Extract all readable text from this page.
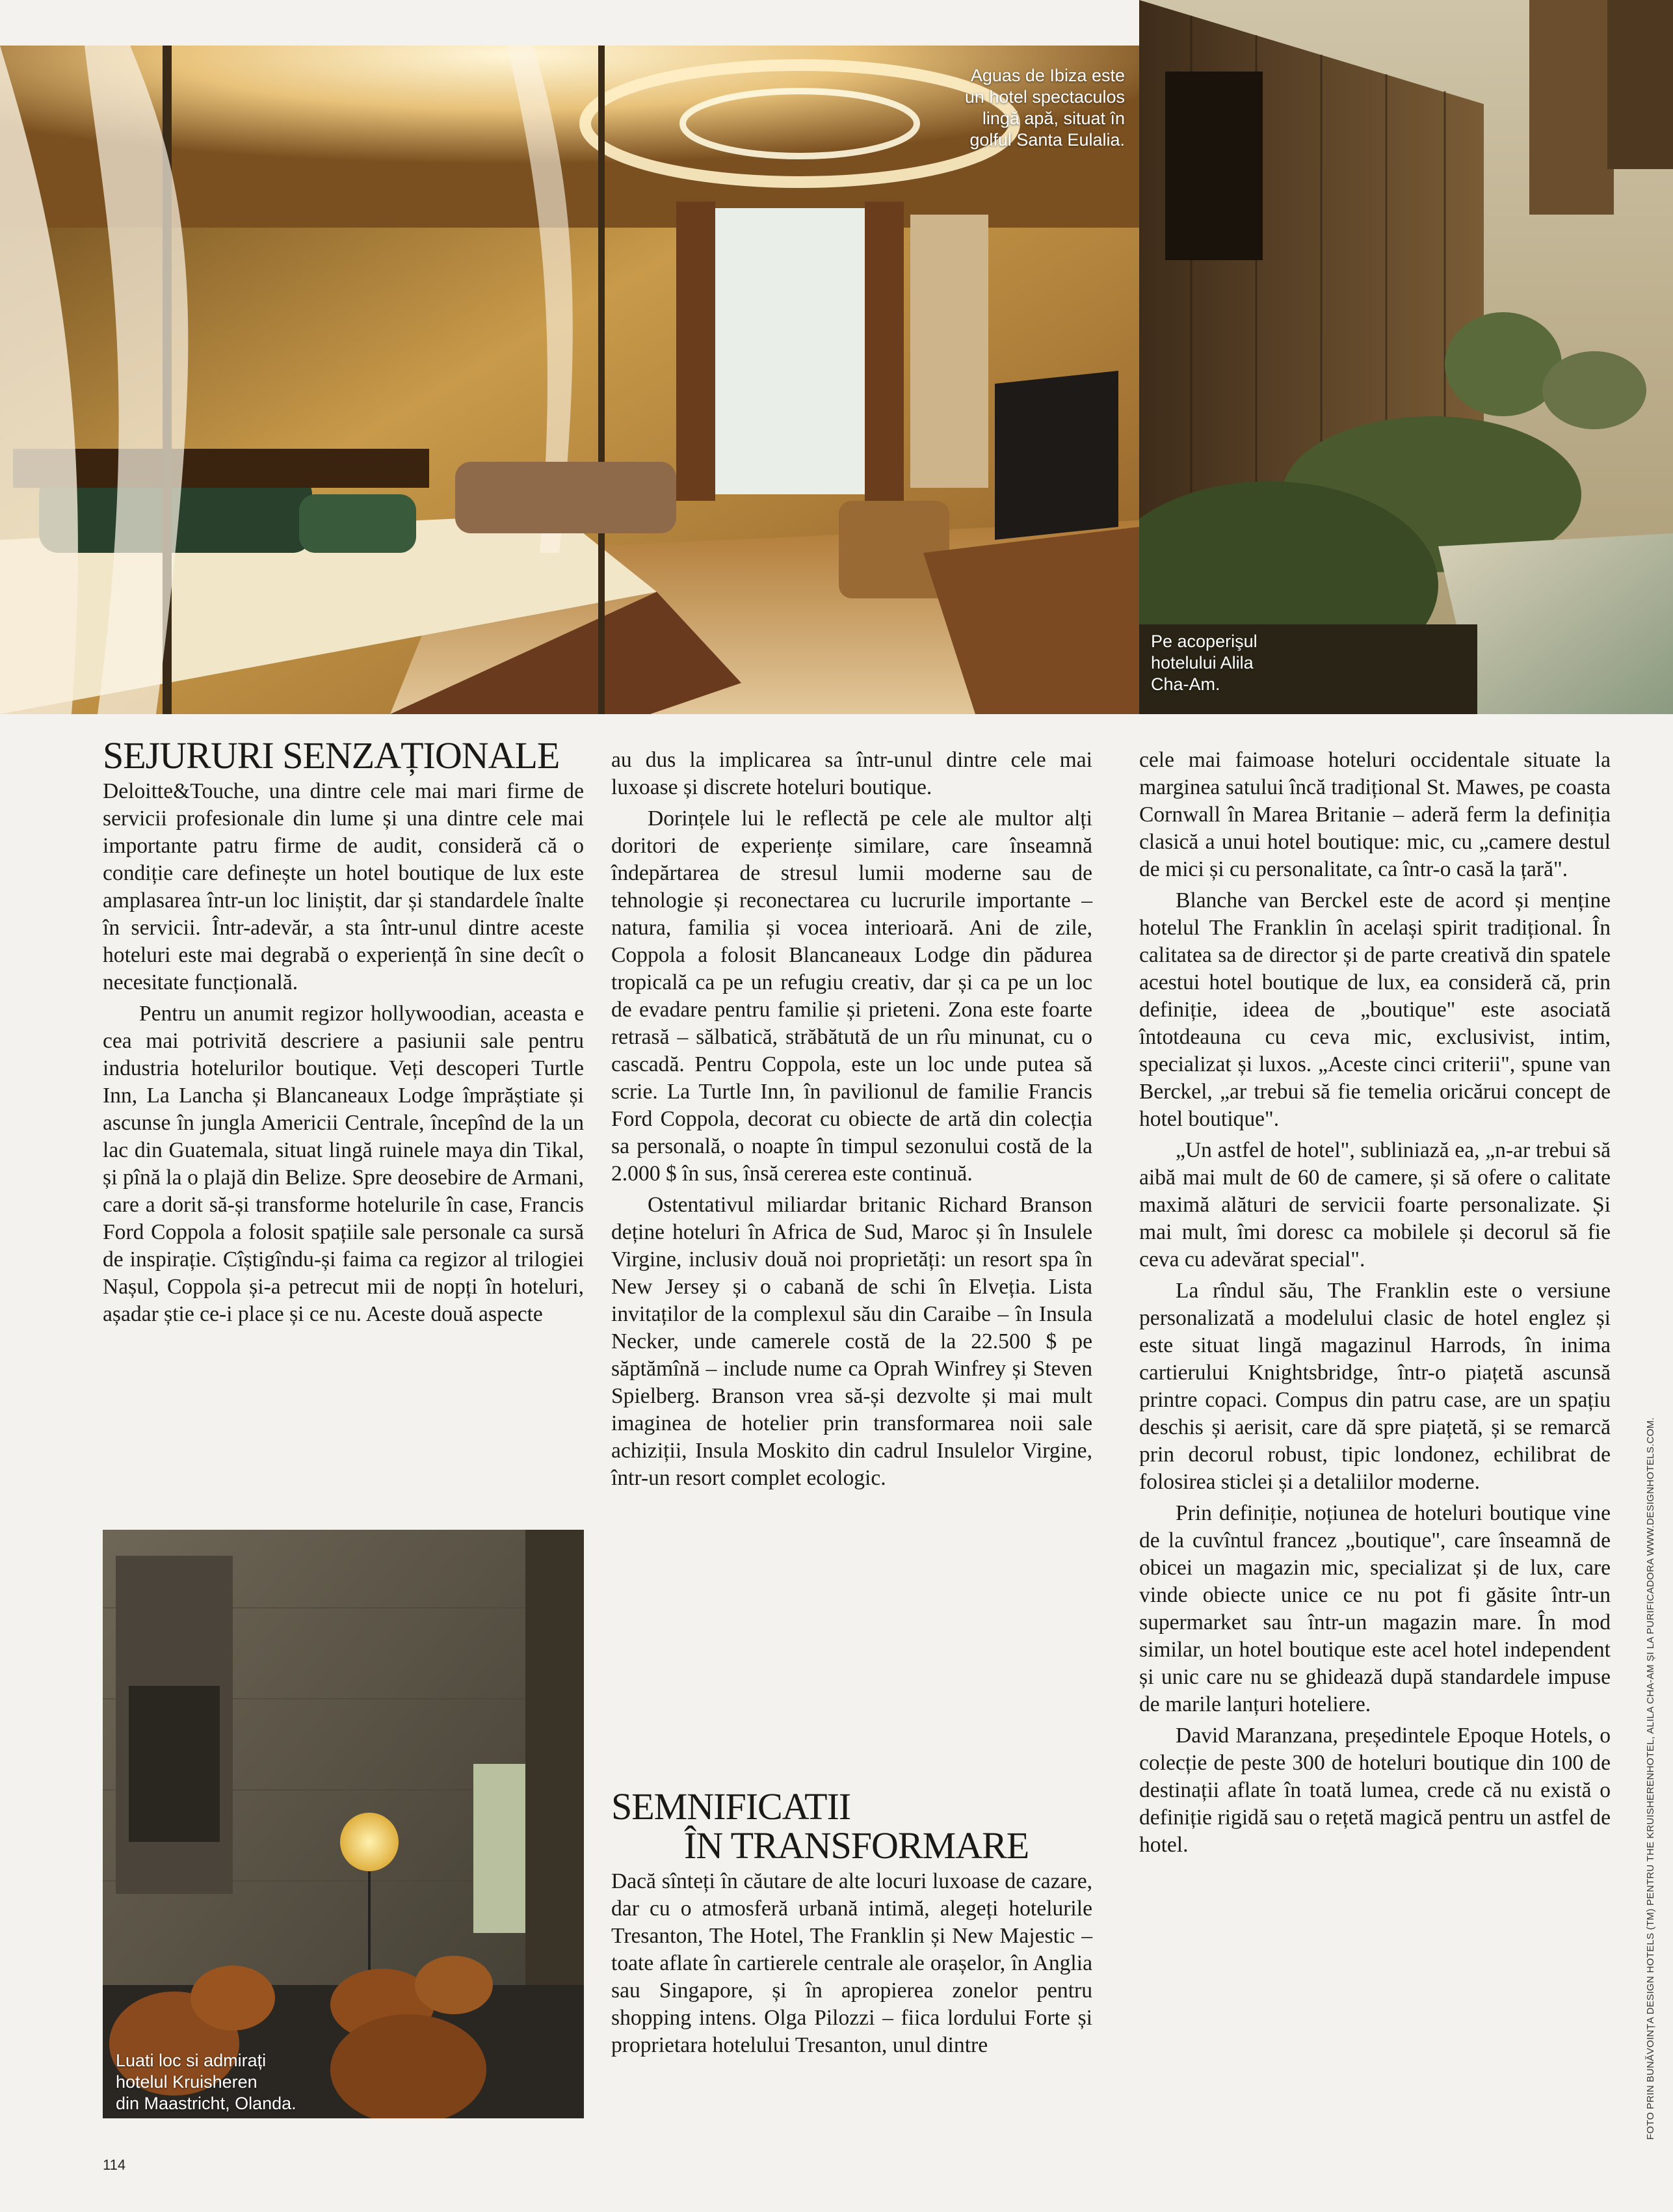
Aguas de Ibiza este
un hotel spectaculos
lingă apă, situat în
golful Santa Eulalia.
Pe acoperişul
hotelului Alila
Cha-Am.
Luati loc si admirați
hotelul Kruisheren
din Maastricht, Olanda.
SEJURURI SENZAȚIONALE

Deloitte&Touche, una dintre cele mai mari firme de servicii profesionale din lume și una dintre cele mai importante patru firme de audit, consideră că o condiție care definește un hotel boutique de lux este amplasarea într-un loc liniștit, dar și standardele înalte în servicii. Într-adevăr, a sta într-unul dintre aceste hoteluri este mai degrabă o experiență în sine decît o necesitate funcțională.

Pentru un anumit regizor hollywoodian, aceasta e cea mai potrivită descriere a pasiunii sale pentru industria hotelurilor boutique. Veți descoperi Turtle Inn, La Lancha și Blancaneaux Lodge împrăștiate și ascunse în jungla Americii Centrale, începînd de la un lac din Guatemala, situat lingă ruinele maya din Tikal, și pînă la o plajă din Belize. Spre deosebire de Armani, care a dorit să-și transforme hotelurile în case, Francis Ford Coppola a folosit spațiile sale personale ca sursă de inspirație. Cîștigîndu-și faima ca regizor al trilogiei Nașul, Coppola și-a petrecut mii de nopți în hoteluri, așadar știe ce-i place și ce nu. Aceste două aspecte

au dus la implicarea sa într-unul dintre cele mai luxoase și discrete hoteluri boutique.

Dorințele lui le reflectă pe cele ale multor alți doritori de experiențe similare, care înseamnă îndepărtarea de stresul lumii moderne sau de tehnologie și reconectarea cu lucrurile importante – natura, familia și vocea interioară. Ani de zile, Coppola a folosit Blancaneaux Lodge din pădurea tropicală ca pe un refugiu creativ, dar și ca pe un loc de evadare pentru familie și prieteni. Zona este foarte retrasă – sălbatică, străbătută de un rîu minunat, cu o cascadă. Pentru Coppola, este un loc unde putea să scrie. La Turtle Inn, în pavilionul de familie Francis Ford Coppola, decorat cu obiecte de artă din colecția sa personală, o noapte în timpul sezonului costă de la 2.000 $ în sus, însă cererea este continuă.

Ostentativul miliardar britanic Richard Branson deține hoteluri în Africa de Sud, Maroc și în Insulele Virgine, inclusiv două noi proprietăți: un resort spa în New Jersey și o cabană de schi în Elveția. Lista invitaților de la complexul său din Caraibe – în Insula Necker, unde camerele costă de la 22.500 $ pe săptămînă – include nume ca Oprah Winfrey și Steven Spielberg. Branson vrea să-și dezvolte și mai mult imaginea de hotelier prin transformarea noii sale achiziții, Insula Moskito din cadrul Insulelor Virgine, într-un resort complet ecologic.

SEMNIFICATII
ÎN TRANSFORMARE

Dacă sînteți în căutare de alte locuri luxoase de cazare, dar cu o atmosferă urbană intimă, alegeți hotelurile Tresanton, The Hotel, The Franklin și New Majestic – toate aflate în cartierele centrale ale orașelor, în Anglia sau Singapore, și în apropierea zonelor pentru shopping intens. Olga Pilozzi – fiica lordului Forte și proprietara hotelului Tresanton, unul dintre

cele mai faimoase hoteluri occidentale situate la marginea satului încă tradițional St. Mawes, pe coasta Cornwall în Marea Britanie – aderă ferm la definiția clasică a unui hotel boutique: mic, cu „camere destul de mici și cu personalitate, ca într-o casă la țară".

Blanche van Berckel este de acord și menține hotelul The Franklin în același spirit tradițional. În calitatea sa de director și de parte creativă din spatele acestui hotel boutique de lux, ea consideră că, prin definiție, ideea de „boutique" este asociată întotdeauna cu ceva mic, exclusivist, intim, specializat și luxos. „Aceste cinci criterii", spune van Berckel, „ar trebui să fie temelia oricărui concept de hotel boutique".

„Un astfel de hotel", subliniază ea, „n-ar trebui să aibă mai mult de 60 de camere, și să ofere o calitate maximă alături de servicii foarte personalizate. Și mai mult, îmi doresc ca mobilele și decorul să fie ceva cu adevărat special".

La rîndul său, The Franklin este o versiune personalizată a modelului clasic de hotel englez și este situat lingă magazinul Harrods, în inima cartierului Knightsbridge, într-o piațetă ascunsă printre copaci. Compus din patru case, are un spațiu deschis și aerisit, care dă spre piațetă, și se remarcă prin decorul robust, tipic londonez, echilibrat de folosirea sticlei și a detaliilor moderne.

Prin definiție, noțiunea de hoteluri boutique vine de la cuvîntul francez „boutique", care înseamnă de obicei un magazin mic, specializat și de lux, care vinde obiecte unice ce nu pot fi găsite într-un supermarket sau într-un magazin mare. În mod similar, un hotel boutique este acel hotel independent și unic care nu se ghidează după standardele impuse de marile lanțuri hoteliere.

David Maranzana, președintele Epoque Hotels, o colecție de peste 300 de hoteluri boutique din 100 de destinații aflate în toată lumea, crede că nu există o definiție rigidă sau o rețetă magică pentru un astfel de hotel.	FOTO PRIN BUNĂVOINȚA DESIGN HOTELS (TM) PENTRU THE KRUISHERENHOTEL, ALILA CHA-AM ȘI LA PURIFICADORA WWW.DESIGNHOTELS.COM.
114
